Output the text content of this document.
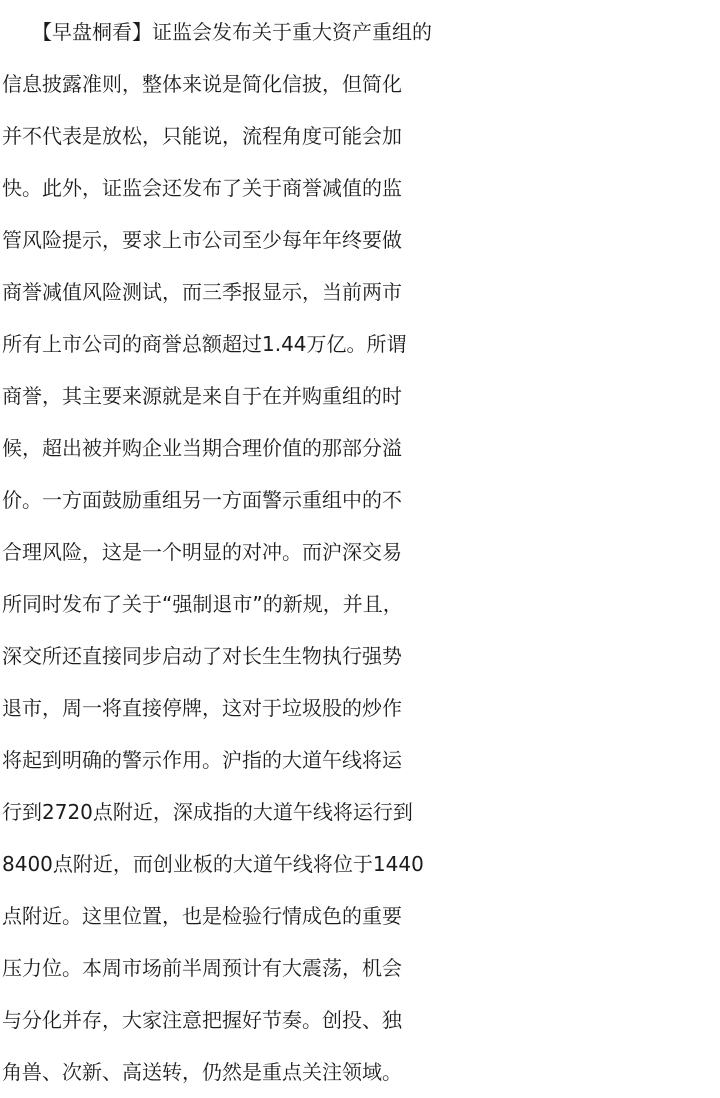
【早盘桐看】证监会发布关于重大资产重组的
信息披露准则，整体来说是简化信披，但简化
并不代表是放松，只能说，流程角度可能会加
快。此外，证监会还发布了关于商誉减值的监
管风险提示，要求上市公司至少每年年终要做
商誉减值风险测试，而三季报显示，当前两市
所有上市公司的商誉总额超过1.44万亿。所谓
商誉，其主要来源就是来自于在并购重组的时
候，超出被并购企业当期合理价值的那部分溢
价。一方面鼓励重组另一方面警示重组中的不
合理风险，这是一个明显的对冲。而沪深交易
所同时发布了关于“强制退市”的新规，并且，
深交所还直接同步启动了对长生生物执行强势
退市，周一将直接停牌，这对于垃圾股的炒作
将起到明确的警示作用。沪指的大道午线将运
行到2720点附近，深成指的大道午线将运行到
8400点附近，而创业板的大道午线将位于1440
点附近。这里位置，也是检验行情成色的重要
压力位。本周市场前半周预计有大震荡，机会
与分化并存，大家注意把握好节奏。创投、独
角兽、次新、高送转，仍然是重点关注领域。
